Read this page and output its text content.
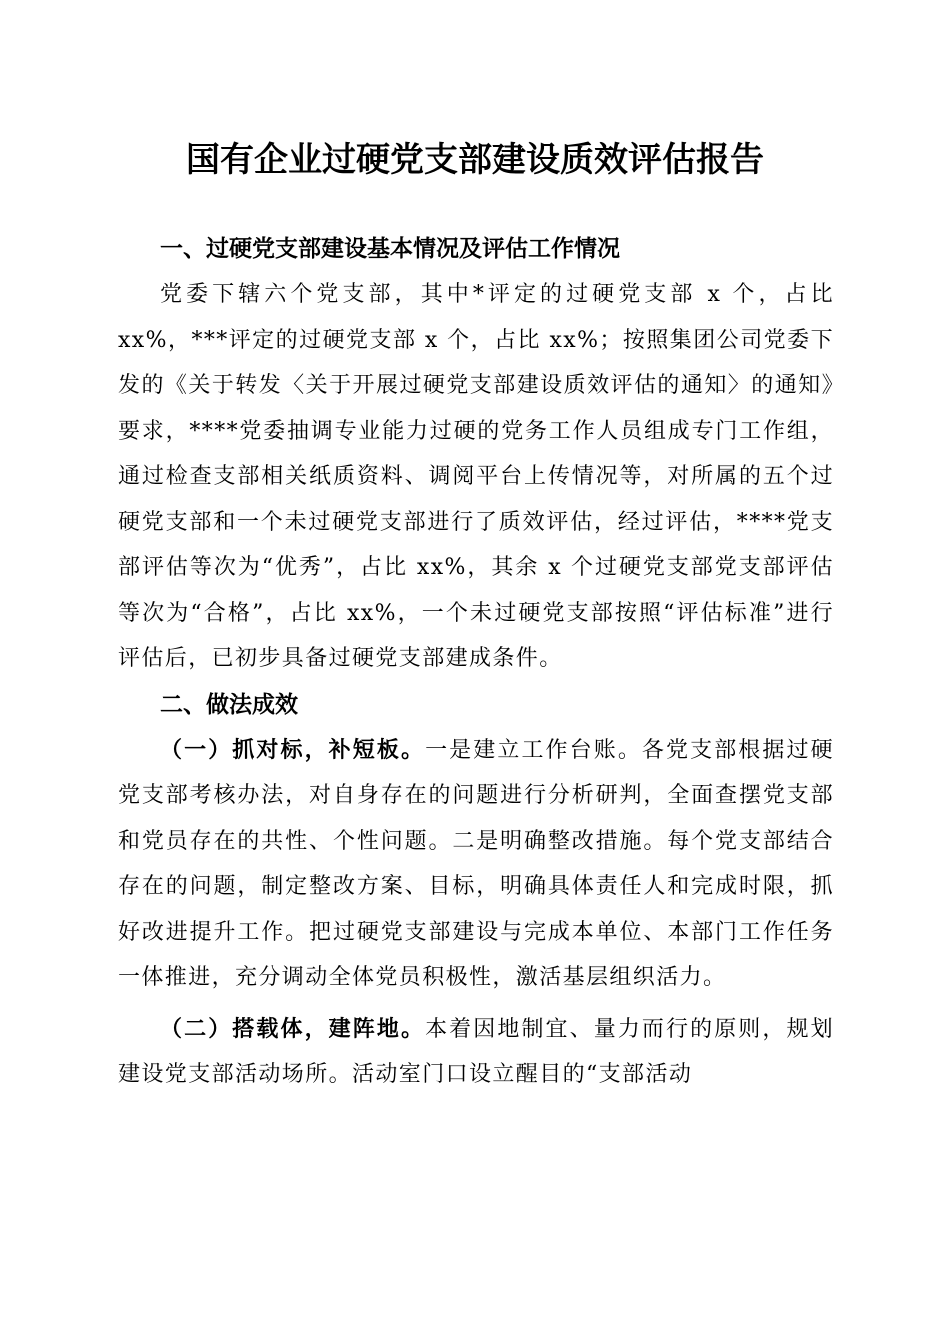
国有企业过硬党支部建设质效评估报告
一、过硬党支部建设基本情况及评估工作情况

党委下辖六个党支部，其中*评定的过硬党支部 x 个，占比 xx%，***评定的过硬党支部 x 个，占比 xx%；按照集团公司党委下发的《关于转发〈关于开展过硬党支部建设质效评估的通知〉的通知》要求，****党委抽调专业能力过硬的党务工作人员组成专门工作组，通过检查支部相关纸质资料、调阅平台上传情况等，对所属的五个过硬党支部和一个未过硬党支部进行了质效评估，经过评估，****党支部评估等次为“优秀”，占比 xx%，其余 x 个过硬党支部党支部评估等次为“合格”，占比 xx%，一个未过硬党支部按照“评估标准”进行评估后，已初步具备过硬党支部建成条件。

二、做法成效

（一）抓对标，补短板。一是建立工作台账。各党支部根据过硬党支部考核办法，对自身存在的问题进行分析研判，全面查摆党支部和党员存在的共性、个性问题。二是明确整改措施。每个党支部结合存在的问题，制定整改方案、目标，明确具体责任人和完成时限，抓好改进提升工作。把过硬党支部建设与完成本单位、本部门工作任务一体推进，充分调动全体党员积极性，激活基层组织活力。

（二）搭载体，建阵地。本着因地制宜、量力而行的原则，规划建设党支部活动场所。活动室门口设立醒目的“支部活动
